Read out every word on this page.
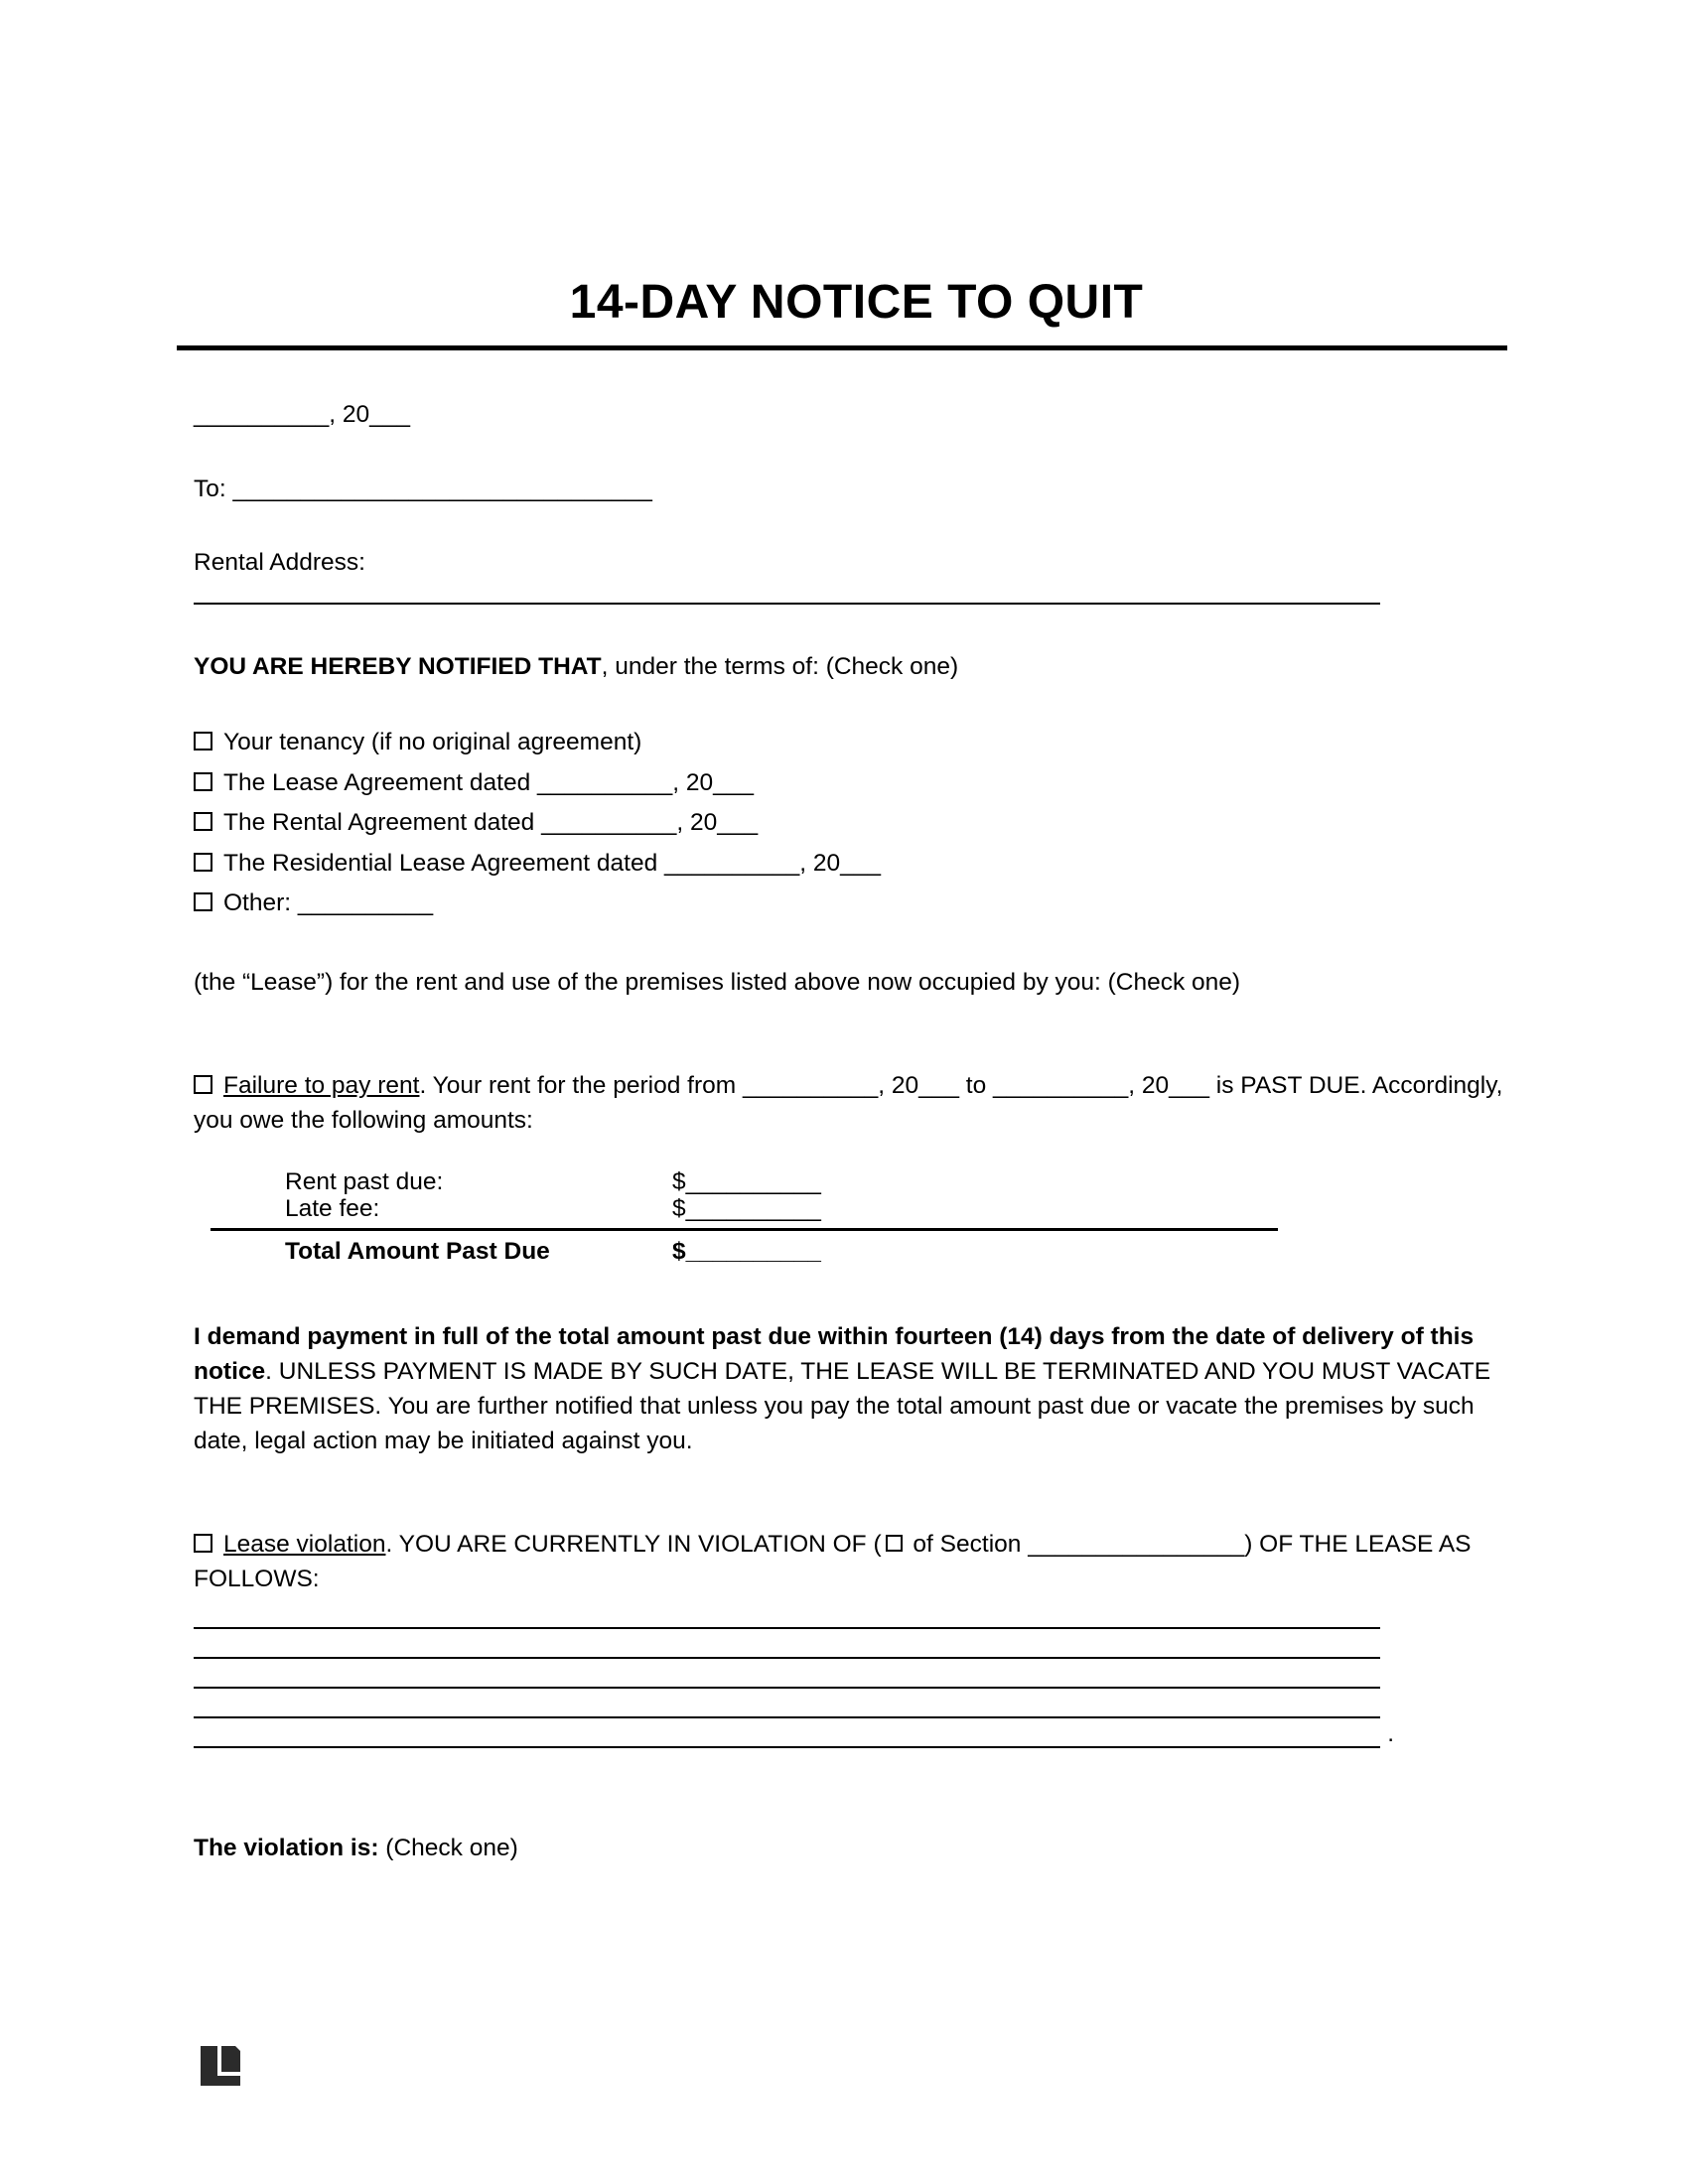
14-DAY NOTICE TO QUIT
__________, 20___
To: _______________________________
Rental Address:
YOU ARE HEREBY NOTIFIED THAT, under the terms of: (Check one)
Your tenancy (if no original agreement)
The Lease Agreement dated __________, 20___
The Rental Agreement dated __________, 20___
The Residential Lease Agreement dated __________, 20___
Other: __________
(the “Lease”) for the rent and use of the premises listed above now occupied by you: (Check one)
Failure to pay rent. Your rent for the period from __________, 20___ to __________, 20___ is PAST DUE. Accordingly, you owe the following amounts:
Rent past due:	$__________
Late fee:	$__________
Total Amount Past Due	$__________
I demand payment in full of the total amount past due within fourteen (14) days from the date of delivery of this notice. UNLESS PAYMENT IS MADE BY SUCH DATE, THE LEASE WILL BE TERMINATED AND YOU MUST VACATE THE PREMISES. You are further notified that unless you pay the total amount past due or vacate the premises by such date, legal action may be initiated against you.
Lease violation. YOU ARE CURRENTLY IN VIOLATION OF ( of Section ________________) OF THE LEASE AS FOLLOWS:
.
The violation is: (Check one)
